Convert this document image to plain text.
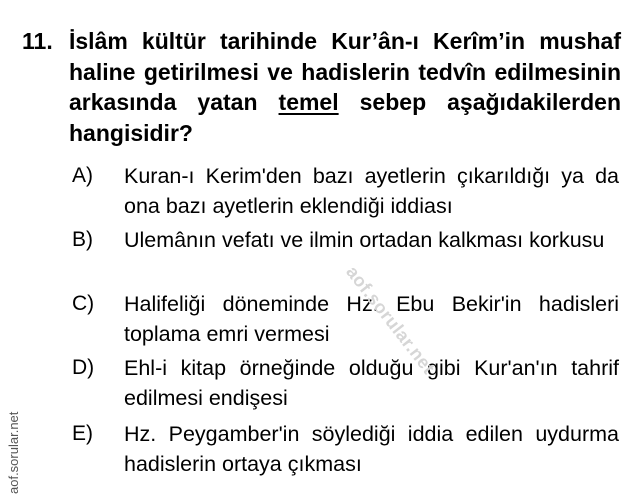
11. İslâm kültür tarihinde Kur’ân-ı Kerîm’in mushaf haline getirilmesi ve hadislerin tedvîn edilmesinin arkasında yatan temel sebep aşağıdakilerden hangisidir?
A) Kuran-ı Kerim'den bazı ayetlerin çıkarıldığı ya da ona bazı ayetlerin eklendiği iddiası
B) Ulemânın vefatı ve ilmin ortadan kalkması korkusu
C) Halifeliği döneminde Hz. Ebu Bekir'in hadisleri toplama emri vermesi
D) Ehl-i kitap örneğinde olduğu gibi Kur'an'ın tahrif edilmesi endişesi
E) Hz. Peygamber'in söylediği iddia edilen uydurma hadislerin ortaya çıkması
aof.sorular.net
aof.sorular.net
